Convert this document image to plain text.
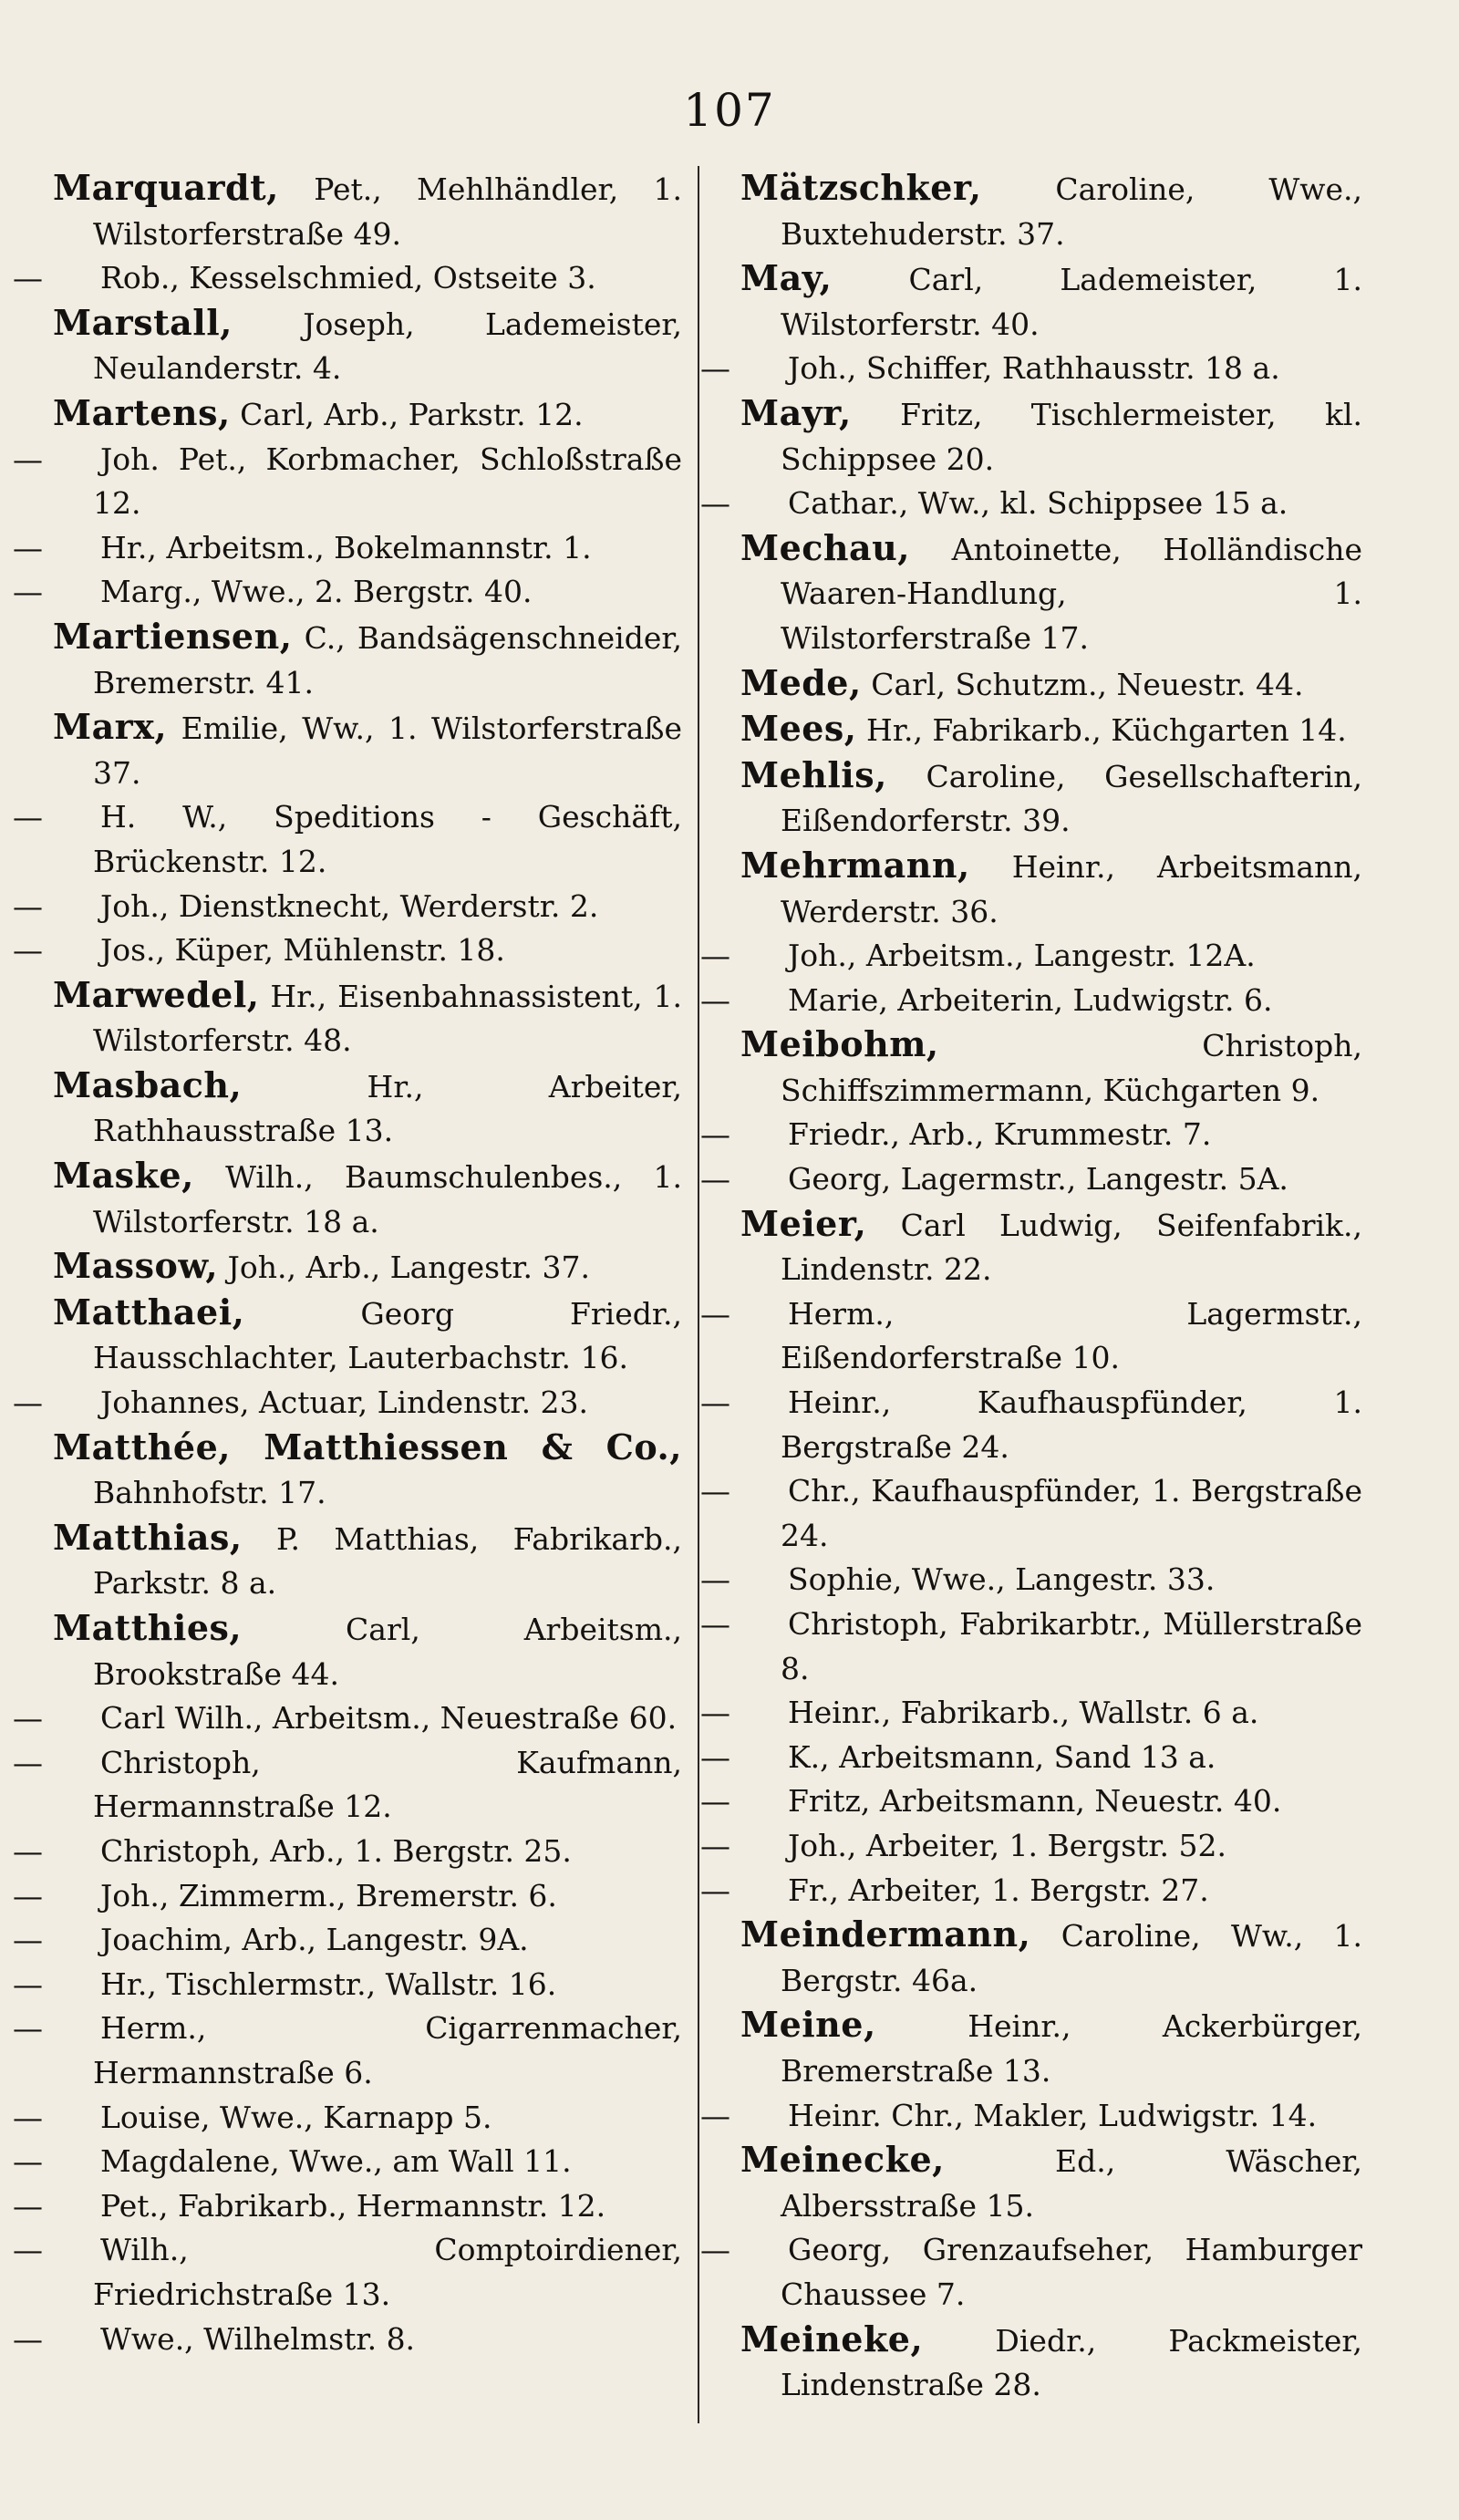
107

Marquardt, Pet., Mehlhändler, 1. Wilstorferstraße 49.

— Rob., Kesselschmied, Ostseite 3.

Marstall, Joseph, Lademeister, Neulanderstr. 4.

Martens, Carl, Arb., Parkstr. 12.

— Joh. Pet., Korbmacher, Schloßstraße 12.

— Hr., Arbeitsm., Bokelmannstr. 1.

— Marg., Wwe., 2. Bergstr. 40.

Martiensen, C., Bandsägenschneider, Bremerstr. 41.

Marx, Emilie, Ww., 1. Wilstorferstraße 37.

— H. W., Speditions - Geschäft, Brückenstr. 12.

— Joh., Dienstknecht, Werderstr. 2.

— Jos., Küper, Mühlenstr. 18.

Marwedel, Hr., Eisenbahnassistent, 1. Wilstorferstr. 48.

Masbach, Hr., Arbeiter, Rathhausstraße 13.

Maske, Wilh., Baumschulenbes., 1. Wilstorferstr. 18 a.

Massow, Joh., Arb., Langestr. 37.

Matthaei, Georg Friedr., Hausschlachter, Lauterbachstr. 16.

— Johannes, Actuar, Lindenstr. 23.

Matthée, Matthiessen & Co., Bahnhofstr. 17.

Matthias, P. Matthias, Fabrikarb., Parkstr. 8 a.

Matthies, Carl, Arbeitsm., Brookstraße 44.

— Carl Wilh., Arbeitsm., Neuestraße 60.

— Christoph, Kaufmann, Hermannstraße 12.

— Christoph, Arb., 1. Bergstr. 25.

— Joh., Zimmerm., Bremerstr. 6.

— Joachim, Arb., Langestr. 9A.

— Hr., Tischlermstr., Wallstr. 16.

— Herm., Cigarrenmacher, Hermannstraße 6.

— Louise, Wwe., Karnapp 5.

— Magdalene, Wwe., am Wall 11.

— Pet., Fabrikarb., Hermannstr. 12.

— Wilh., Comptoirdiener, Friedrichstraße 13.

— Wwe., Wilhelmstr. 8.

Mätzschker, Caroline, Wwe., Buxtehuderstr. 37.

May, Carl, Lademeister, 1. Wilstorferstr. 40.

— Joh., Schiffer, Rathhausstr. 18 a.

Mayr, Fritz, Tischlermeister, kl. Schippsee 20.

— Cathar., Ww., kl. Schippsee 15 a.

Mechau, Antoinette, Holländische Waaren-Handlung, 1. Wilstorferstraße 17.

Mede, Carl, Schutzm., Neuestr. 44.

Mees, Hr., Fabrikarb., Küchgarten 14.

Mehlis, Caroline, Gesellschafterin, Eißendorferstr. 39.

Mehrmann, Heinr., Arbeitsmann, Werderstr. 36.

— Joh., Arbeitsm., Langestr. 12A.

— Marie, Arbeiterin, Ludwigstr. 6.

Meibohm, Christoph, Schiffszimmermann, Küchgarten 9.

— Friedr., Arb., Krummestr. 7.

— Georg, Lagermstr., Langestr. 5A.

Meier, Carl Ludwig, Seifenfabrik., Lindenstr. 22.

— Herm., Lagermstr., Eißendorferstraße 10.

— Heinr., Kaufhauspfünder, 1. Bergstraße 24.

— Chr., Kaufhauspfünder, 1. Bergstraße 24.

— Sophie, Wwe., Langestr. 33.

— Christoph, Fabrikarbtr., Müllerstraße 8.

— Heinr., Fabrikarb., Wallstr. 6 a.

— K., Arbeitsmann, Sand 13 a.

— Fritz, Arbeitsmann, Neuestr. 40.

— Joh., Arbeiter, 1. Bergstr. 52.

— Fr., Arbeiter, 1. Bergstr. 27.

Meindermann, Caroline, Ww., 1. Bergstr. 46a.

Meine, Heinr., Ackerbürger, Bremerstraße 13.

— Heinr. Chr., Makler, Ludwigstr. 14.

Meinecke, Ed., Wäscher, Albersstraße 15.

— Georg, Grenzaufseher, Hamburger Chaussee 7.

Meineke, Diedr., Packmeister, Lindenstraße 28.
